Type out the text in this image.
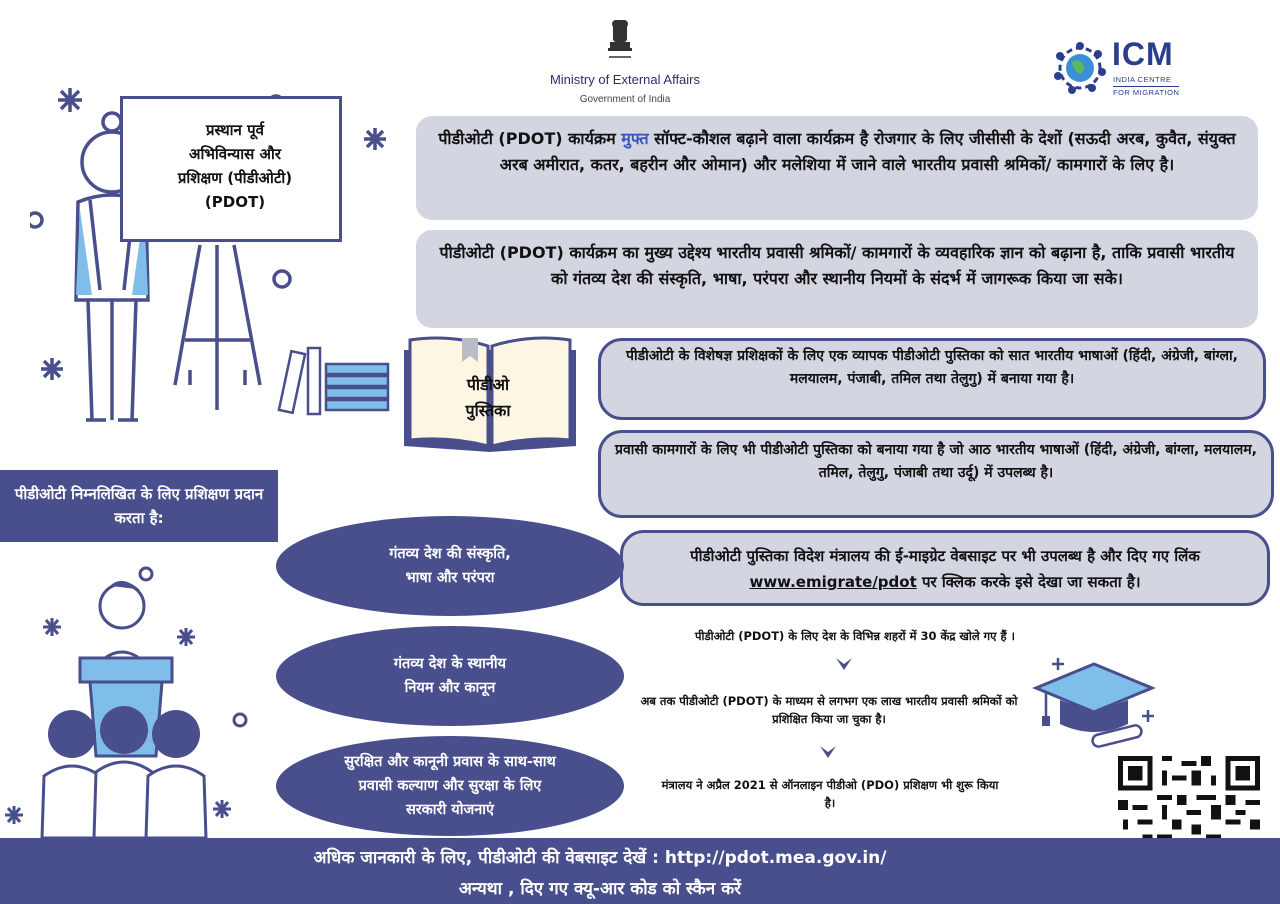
Ministry of External Affairs
Government of India
ICM
INDIA CENTRE
FOR MIGRATION
प्रस्थान पूर्व
अभिविन्यास और
प्रशिक्षण (पीडीओटी)
(PDOT)
पीडीओटी (PDOT) कार्यक्रम मुफ्त सॉफ्ट-कौशल बढ़ाने वाला कार्यक्रम है रोजगार के लिए जीसीसी के देशों (सऊदी अरब, कुवैत, संयुक्त अरब अमीरात, कतर, बहरीन और ओमान) और मलेशिया में जाने वाले भारतीय प्रवासी श्रमिकों/ कामगारों के लिए है।
पीडीओटी (PDOT) कार्यक्रम का मुख्य उद्देश्य भारतीय प्रवासी श्रमिकों/ कामगारों के व्यवहारिक ज्ञान को बढ़ाना है, ताकि प्रवासी भारतीय को गंतव्य देश की संस्कृति, भाषा, परंपरा और स्थानीय नियमों के संदर्भ में जागरूक किया जा सके।
पीडीओ
पुस्तिका
पीडीओटी के विशेषज्ञ प्रशिक्षकों के लिए एक व्यापक पीडीओटी पुस्तिका को सात भारतीय भाषाओं (हिंदी, अंग्रेजी, बांग्ला, मलयालम, पंजाबी, तमिल तथा तेलुगु) में बनाया गया है।
प्रवासी कामगारों के लिए भी पीडीओटी पुस्तिका को बनाया गया है जो आठ भारतीय भाषाओं (हिंदी, अंग्रेजी, बांग्ला, मलयालम, तमिल, तेलुगु, पंजाबी तथा उर्दू) में उपलब्ध है।
पीडीओटी पुस्तिका विदेश मंत्रालय की ई-माइग्रेट वेबसाइट पर भी उपलब्ध है और दिए गए लिंक www.emigrate/pdot पर क्लिक करके इसे देखा जा सकता है।
पीडीओटी निम्नलिखित के लिए प्रशिक्षण प्रदान करता है:
गंतव्य देश की संस्कृति,
भाषा और परंपरा
गंतव्य देश के स्थानीय
नियम और कानून
सुरक्षित और कानूनी प्रवास के साथ-साथ
प्रवासी कल्याण और सुरक्षा के लिए
सरकारी योजनाएं
पीडीओटी (PDOT) के लिए देश के विभिन्न शहरों में 30 केंद्र खोले गए हैं ।
अब तक पीडीओटी (PDOT) के माध्यम से लगभग एक लाख भारतीय प्रवासी श्रमिकों को प्रशिक्षित किया जा चुका है।
मंत्रालय ने अप्रैल 2021 से ऑनलाइन पीडीओ (PDO) प्रशिक्षण भी शुरू किया है।
अधिक जानकारी के लिए, पीडीओटी की वेबसाइट देखें : http://pdot.mea.gov.in/
अन्यथा , दिए गए क्यू-आर कोड को स्कैन करें
